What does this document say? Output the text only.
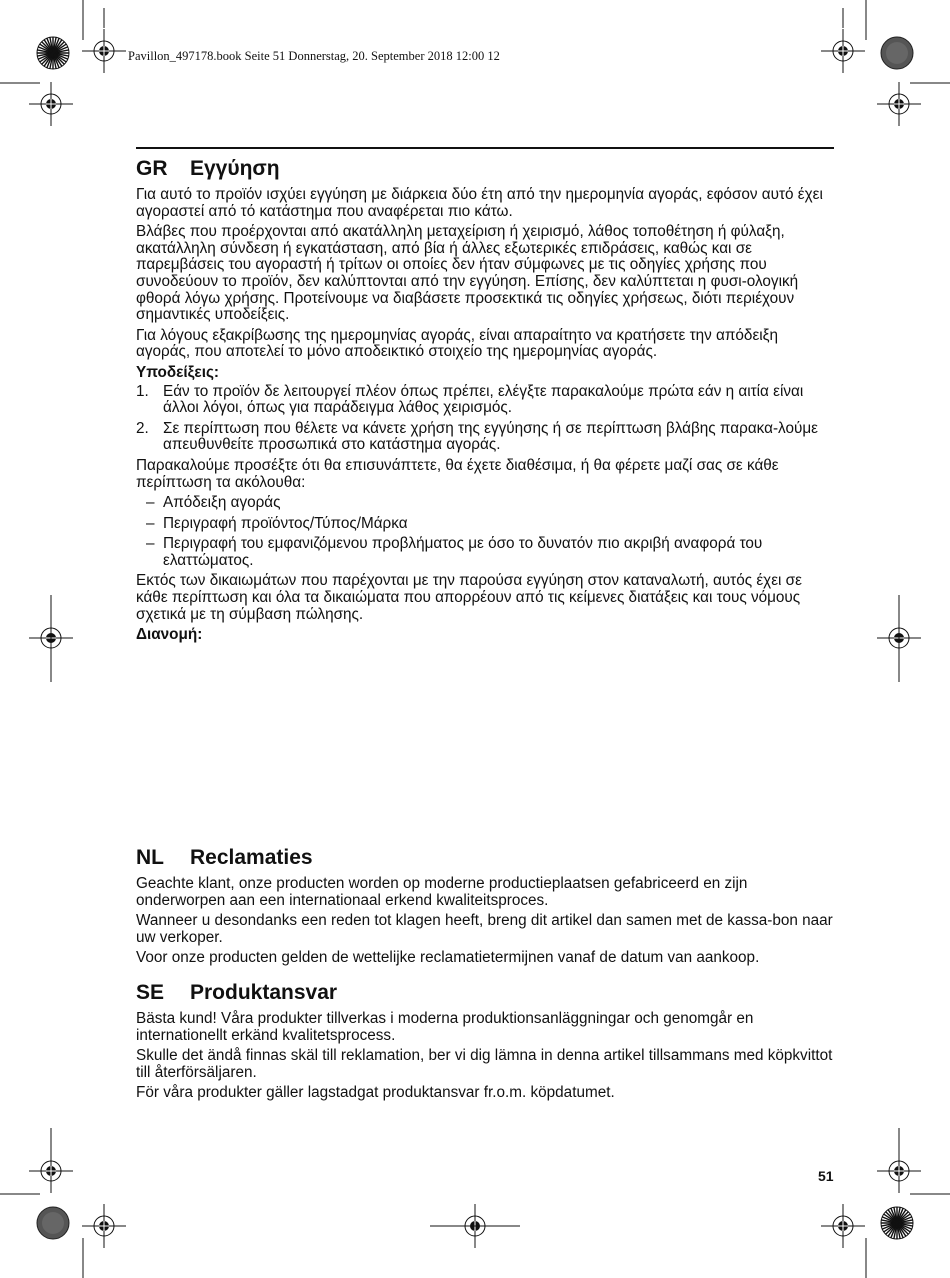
Pavillon_497178.book Seite 51 Donnerstag, 20. September 2018 12:00 12
GR	Εγγύηση

Για αυτό το προϊόν ισχύει εγγύηση με διάρκεια δύο έτη από την ημερομηνία αγοράς, εφόσον αυτό έχει αγοραστεί από τό κατάστημα που αναφέρεται πιο κάτω.

Βλάβες που προέρχονται από ακατάλληλη μεταχείριση ή χειρισμό, λάθος τοποθέτηση ή φύλαξη, ακατάλληλη σύνδεση ή εγκατάσταση, από βία ή άλλες εξωτερικές επιδράσεις, καθώς και σε παρεμβάσεις του αγοραστή ή τρίτων οι οποίες δεν ήταν σύμφωνες με τις οδηγίες χρήσης που συνοδεύουν το προϊόν, δεν καλύπτονται από την εγγύηση. Επίσης, δεν καλύπτεται η φυσι-ολογική φθορά λόγω χρήσης. Προτείνουμε να διαβάσετε προσεκτικά τις οδηγίες χρήσεως, διότι περιέχουν σημαντικές υποδείξεις.

Για λόγους εξακρίβωσης της ημερομηνίας αγοράς, είναι απαραίτητο να κρατήσετε την απόδειξη αγοράς, που αποτελεί το μόνο αποδεικτικό στοιχείο της ημερομηνίας αγοράς.

Υποδείξεις:
1. Εάν το προϊόν δε λειτουργεί πλέον όπως πρέπει, ελέγξτε παρακαλούμε πρώτα εάν η αιτία είναι άλλοι λόγοι, όπως για παράδειγμα λάθος χειρισμός.
2. Σε περίπτωση που θέλετε να κάνετε χρήση της εγγύησης ή σε περίπτωση βλάβης παρακα-λούμε απευθυνθείτε προσωπικά στο κατάστημα αγοράς.

Παρακαλούμε προσέξτε ότι θα επισυνάπτετε, θα έχετε διαθέσιμα, ή θα φέρετε μαζί σας σε κάθε περίπτωση τα ακόλουθα:

– Απόδειξη αγοράς
– Περιγραφή προϊόντος/Τύπος/Μάρκα
– Περιγραφή του εμφανιζόμενου προβλήματος με όσο το δυνατόν πιο ακριβή αναφορά του ελαττώματος.

Εκτός των δικαιωμάτων που παρέχονται με την παρούσα εγγύηση στον καταναλωτή, αυτός έχει σε κάθε περίπτωση και όλα τα δικαιώματα που απορρέουν από τις κείμενες διατάξεις και τους νόμους σχετικά με τη σύμβαση πώλησης.

Διανομή:
NL	Reclamaties

Geachte klant, onze producten worden op moderne productieplaatsen gefabriceerd en zijn onderworpen aan een internationaal erkend kwaliteitsproces.

Wanneer u desondanks een reden tot klagen heeft, breng dit artikel dan samen met de kassa-bon naar uw verkoper.

Voor onze producten gelden de wettelijke reclamatietermijnen vanaf de datum van aankoop.

SE	Produktansvar

Bästa kund! Våra produkter tillverkas i moderna produktionsanläggningar och genomgår en internationellt erkänd kvalitetsprocess.

Skulle det ändå finnas skäl till reklamation, ber vi dig lämna in denna artikel tillsammans med köpkvittot till återförsäljaren.

För våra produkter gäller lagstadgat produktansvar fr.o.m. köpdatumet.

51
